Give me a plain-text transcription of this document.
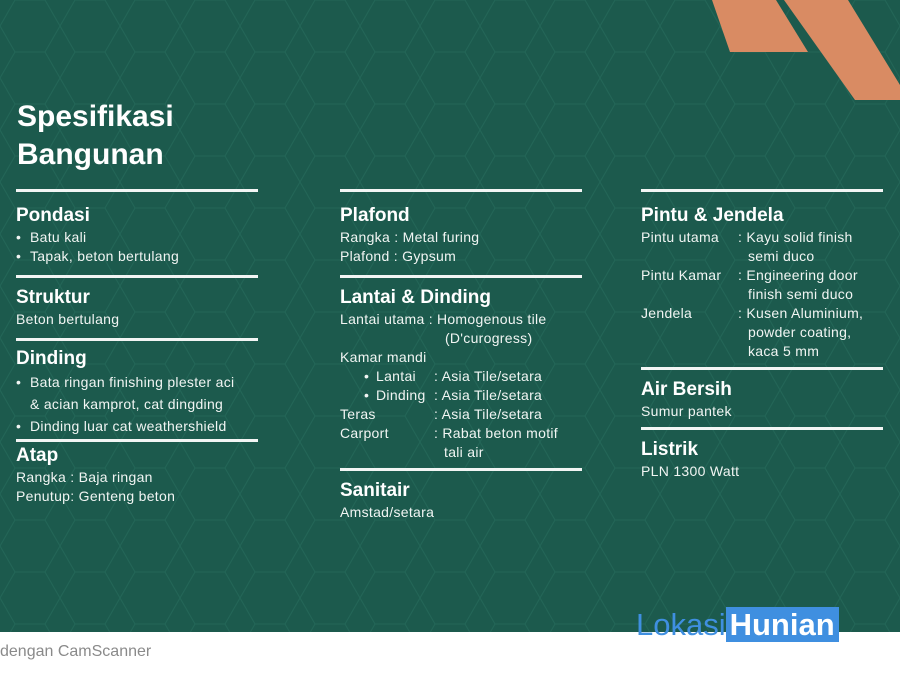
Spesifikasi
Bangunan
Pondasi
• Batu kali
• Tapak, beton bertulang
Struktur
Beton bertulang
Dinding
• Bata ringan finishing plester aci
& acian kamprot, cat dingding
• Dinding luar cat weathershield
Atap
Rangka : Baja ringan
Penutup: Genteng beton
Plafond
Rangka : Metal furing
Plafond : Gypsum
Lantai & Dinding
Lantai utama : Homogenous tile
(D'curogress)
Kamar mandi
• Lantai	: Asia Tile/setara
• Dinding : Asia Tile/setara
Teras	: Asia Tile/setara
Carport	: Rabat beton motif
tali air
Sanitair
Amstad/setara
Pintu & Jendela
Pintu utama	: Kayu solid finish
semi duco
Pintu Kamar	: Engineering door
finish semi duco
Jendela	: Kusen Aluminium,
powder coating,
kaca 5 mm
Air Bersih
Sumur pantek
Listrik
PLN 1300 Watt
dengan CamScanner
Lokasi Hunian
